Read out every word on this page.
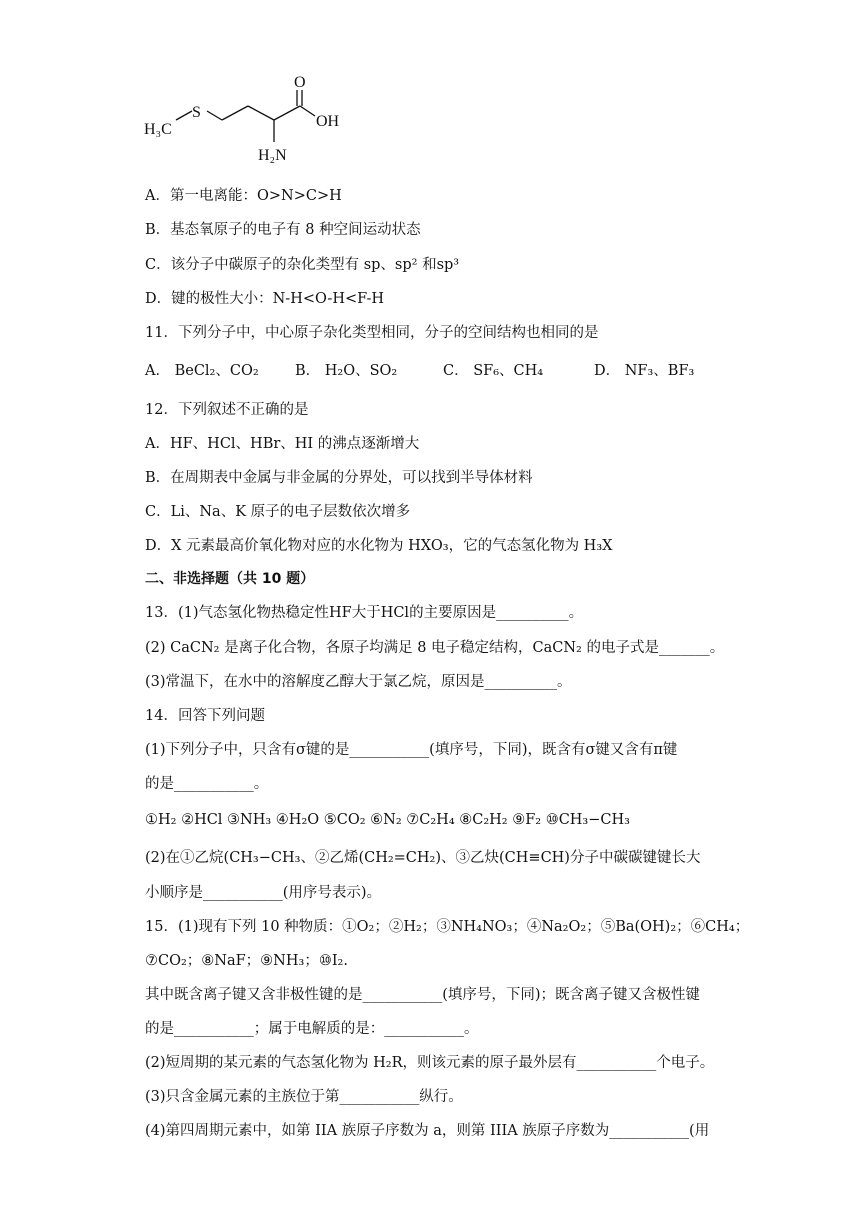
H₃C
S
O
OH
H₂N
A．第一电离能：O>N>C>H
B．基态氧原子的电子有 8 种空间运动状态
C．该分子中碳原子的杂化类型有 sp、sp² 和sp³
D．键的极性大小：N-H<O-H<F-H
11．下列分子中，中心原子杂化类型相同，分子的空间结构也相同的是
A． BeCl₂、CO₂	B． H₂O、SO₂	C． SF₆、CH₄	D． NF₃、BF₃
12．下列叙述不正确的是
A．HF、HCl、HBr、HI 的沸点逐渐增大
B．在周期表中金属与非金属的分界处，可以找到半导体材料
C．Li、Na、K 原子的电子层数依次增多
D．X 元素最高价氧化物对应的水化物为 HXO₃，它的气态氢化物为 H₃X
二、非选择题（共 10 题）
13．(1)气态氢化物热稳定性HF大于HCl的主要原因是__________。
(2) CaCN₂ 是离子化合物，各原子均满足 8 电子稳定结构，CaCN₂ 的电子式是_______。
(3)常温下，在水中的溶解度乙醇大于氯乙烷，原因是__________。
14．回答下列问题
(1)下列分子中，只含有σ键的是___________(填序号，下同)，既含有σ键又含有π键
的是___________。
①H₂ ②HCl ③NH₃ ④H₂O ⑤CO₂ ⑥N₂ ⑦C₂H₄ ⑧C₂H₂ ⑨F₂ ⑩CH₃−CH₃
(2)在①乙烷(CH₃−CH₃、②乙烯(CH₂=CH₂)、③乙炔(CH≡CH)分子中碳碳键键长大
小顺序是___________(用序号表示)。
15．(1)现有下列 10 种物质：①O₂；②H₂；③NH₄NO₃；④Na₂O₂；⑤Ba(OH)₂；⑥CH₄；
⑦CO₂；⑧NaF；⑨NH₃；⑩I₂.
其中既含离子键又含非极性键的是___________(填序号，下同)；既含离子键又含极性键
的是___________；属于电解质的是：___________。
(2)短周期的某元素的气态氢化物为 H₂R，则该元素的原子最外层有___________个电子。
(3)只含金属元素的主族位于第___________纵行。
(4)第四周期元素中，如第 IIA 族原子序数为 a，则第 IIIA 族原子序数为___________(用
